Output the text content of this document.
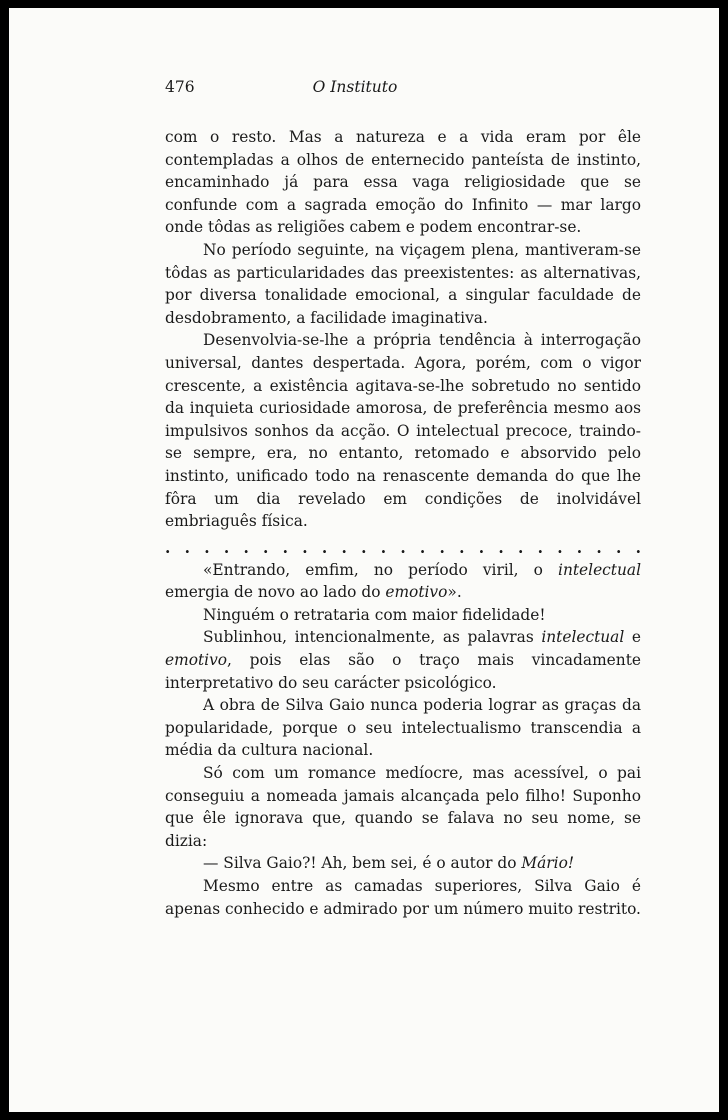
476	O Instituto

com o resto. Mas a natureza e a vida eram por êle contempladas a olhos de enternecido panteísta de instinto, encaminhado já para essa vaga religiosidade que se confunde com a sagrada emoção do Infinito — mar largo onde tôdas as religiões cabem e podem encontrar-se.

No período seguinte, na viçagem plena, mantiveram-se tôdas as particularidades das preexistentes: as alternativas, por diversa tonalidade emocional, a singular faculdade de desdobramento, a facilidade imaginativa.

Desenvolvia-se-lhe a própria tendência à interrogação universal, dantes despertada. Agora, porém, com o vigor crescente, a existência agitava-se-lhe sobretudo no sentido da inquieta curiosidade amorosa, de preferência mesmo aos impulsivos sonhos da acção. O intelectual precoce, traindo-se sempre, era, no entanto, retomado e absorvido pelo instinto, unificado todo na renascente demanda do que lhe fôra um dia revelado em condições de inolvidável embriaguês física.

. . . . . . . . . . . . . . . . . . . . . . . . .

«Entrando, emfim, no período viril, o intelectual emergia de novo ao lado do emotivo».

Ninguém o retrataria com maior fidelidade!

Sublinhou, intencionalmente, as palavras intelectual e emotivo, pois elas são o traço mais vincadamente interpretativo do seu carácter psicológico.

A obra de Silva Gaio nunca poderia lograr as graças da popularidade, porque o seu intelectualismo transcendia a média da cultura nacional.

Só com um romance medíocre, mas acessível, o pai conseguiu a nomeada jamais alcançada pelo filho! Suponho que êle ignorava que, quando se falava no seu nome, se dizia:

— Silva Gaio?! Ah, bem sei, é o autor do Mário!

Mesmo entre as camadas superiores, Silva Gaio é apenas conhecido e admirado por um número muito restrito.
